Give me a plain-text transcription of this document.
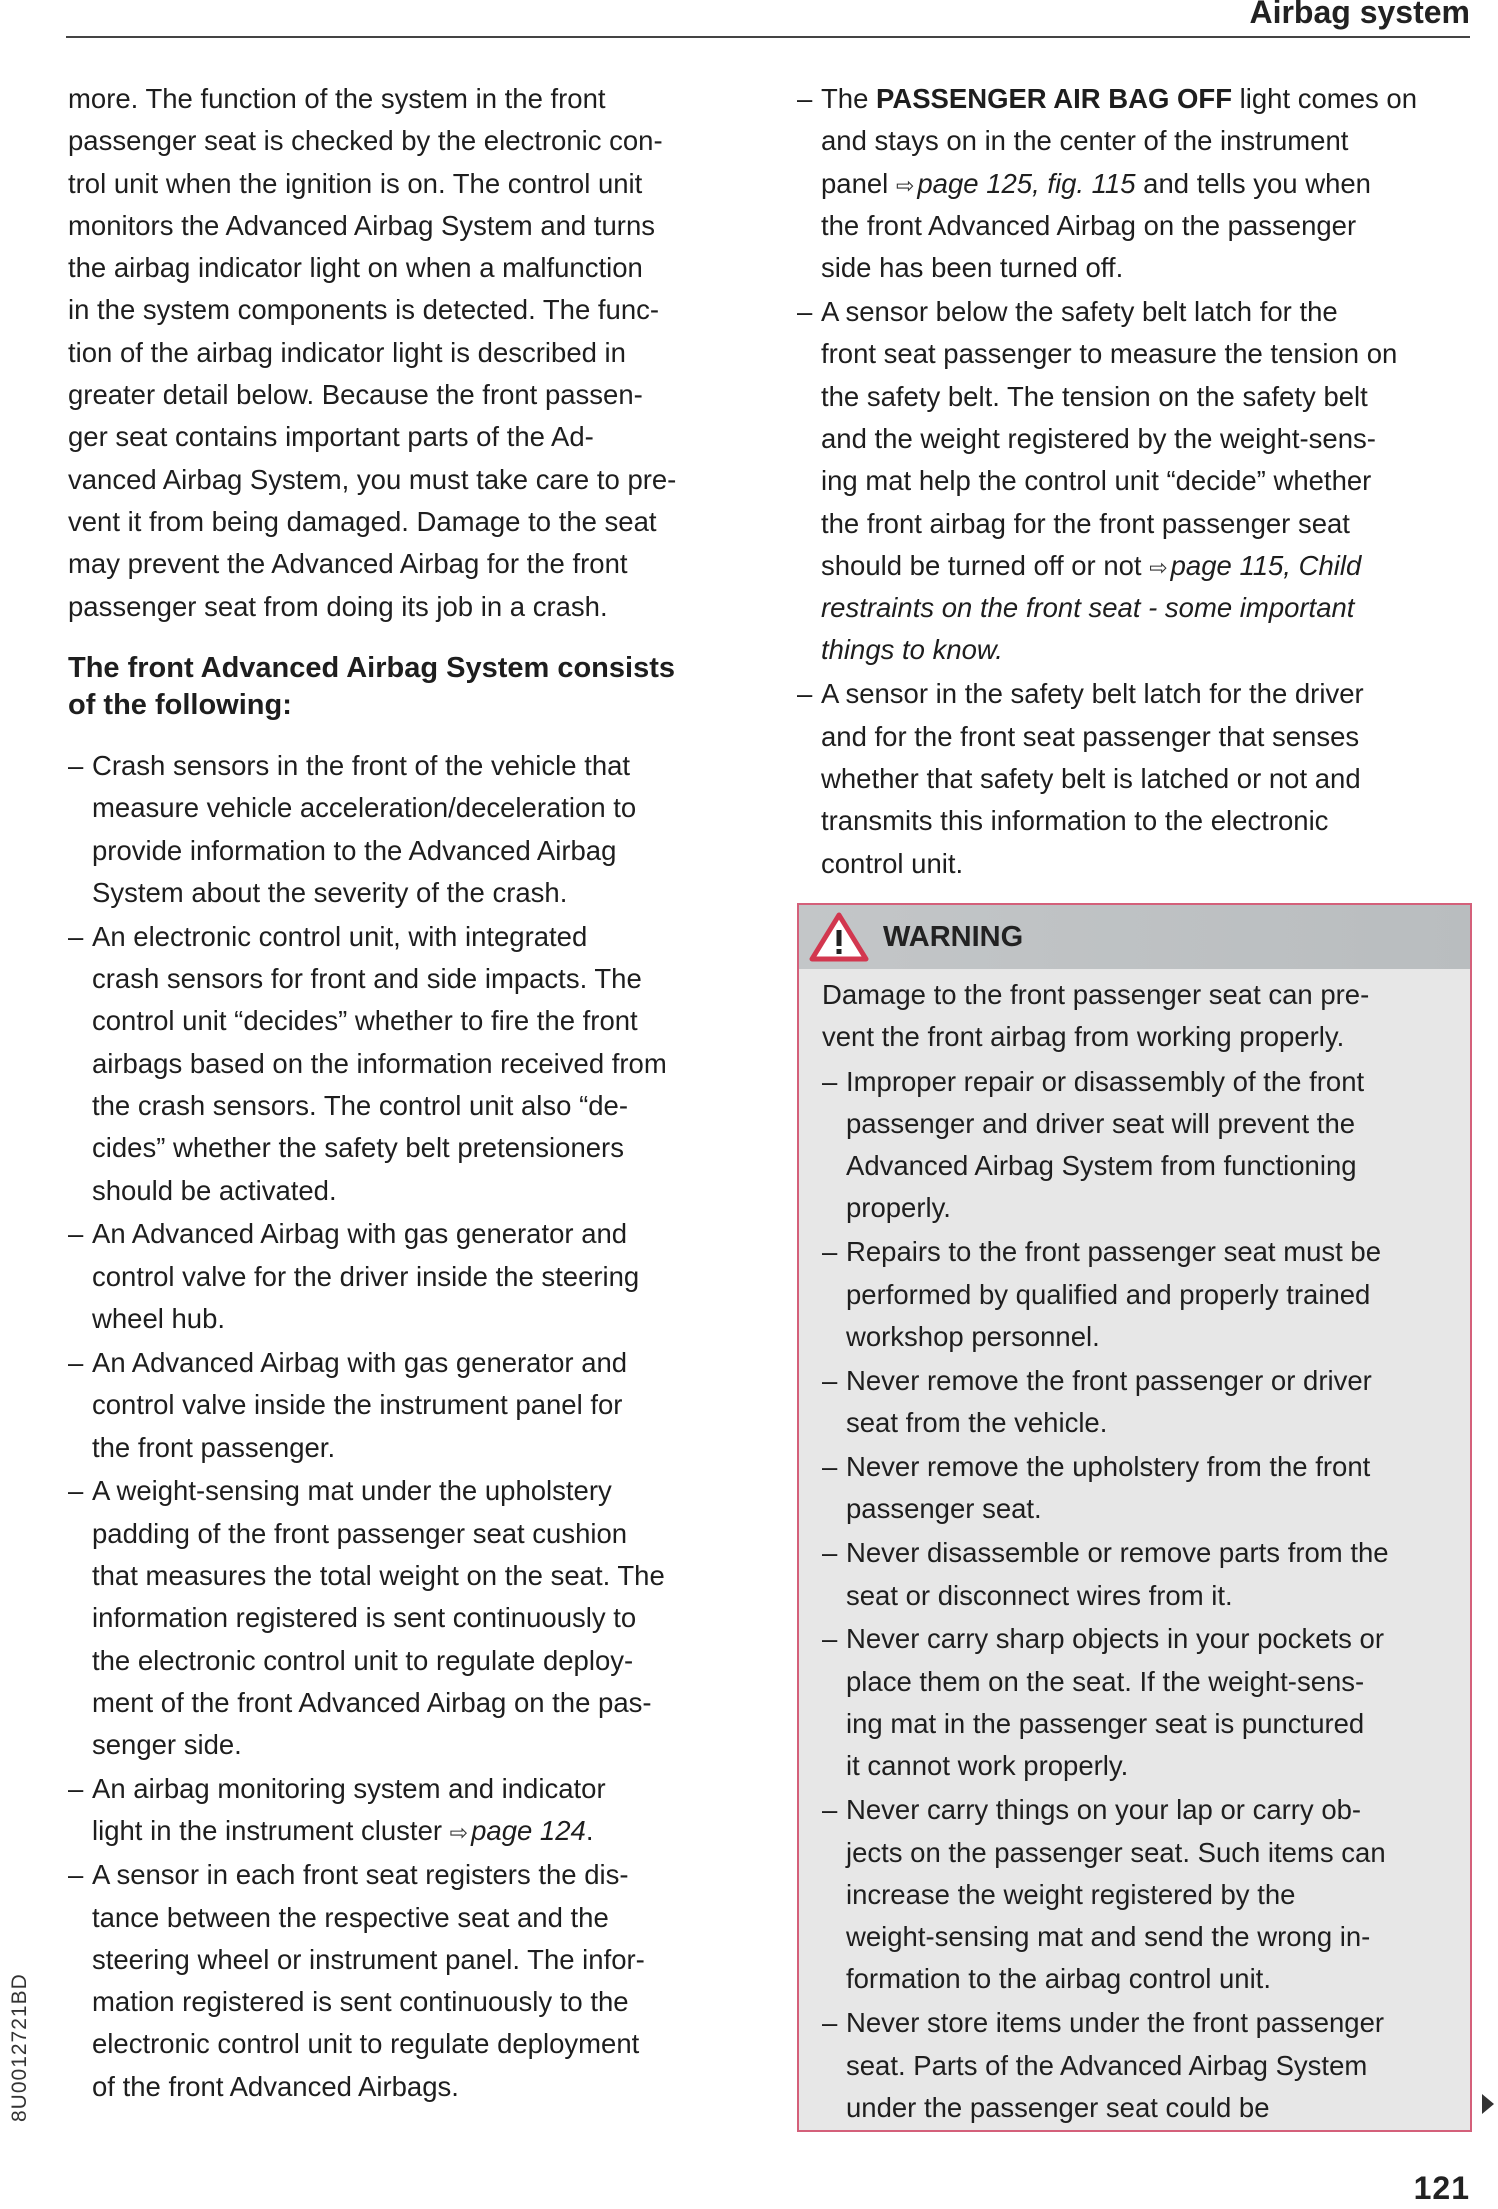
Airbag system
more. The function of the system in the front
passenger seat is checked by the electronic con-
trol unit when the ignition is on. The control unit
monitors the Advanced Airbag System and turns
the airbag indicator light on when a malfunction
in the system components is detected. The func-
tion of the airbag indicator light is described in
greater detail below. Because the front passen-
ger seat contains important parts of the Ad-
vanced Airbag System, you must take care to pre-
vent it from being damaged. Damage to the seat
may prevent the Advanced Airbag for the front
passenger seat from doing its job in a crash.
The front Advanced Airbag System consists
of the following:
– Crash sensors in the front of the vehicle that
measure vehicle acceleration/deceleration to
provide information to the Advanced Airbag
System about the severity of the crash.
– An electronic control unit, with integrated
crash sensors for front and side impacts. The
control unit “decides” whether to fire the front
airbags based on the information received from
the crash sensors. The control unit also “de-
cides” whether the safety belt pretensioners
should be activated.
– An Advanced Airbag with gas generator and
control valve for the driver inside the steering
wheel hub.
– An Advanced Airbag with gas generator and
control valve inside the instrument panel for
the front passenger.
– A weight-sensing mat under the upholstery
padding of the front passenger seat cushion
that measures the total weight on the seat. The
information registered is sent continuously to
the electronic control unit to regulate deploy-
ment of the front Advanced Airbag on the pas-
senger side.
– An airbag monitoring system and indicator
light in the instrument cluster ⇨ page 124.
– A sensor in each front seat registers the dis-
tance between the respective seat and the
steering wheel or instrument panel. The infor-
mation registered is sent continuously to the
electronic control unit to regulate deployment
of the front Advanced Airbags.
– The PASSENGER AIR BAG OFF light comes on
and stays on in the center of the instrument
panel ⇨ page 125, fig. 115 and tells you when
the front Advanced Airbag on the passenger
side has been turned off.
– A sensor below the safety belt latch for the
front seat passenger to measure the tension on
the safety belt. The tension on the safety belt
and the weight registered by the weight-sens-
ing mat help the control unit “decide” whether
the front airbag for the front passenger seat
should be turned off or not ⇨ page 115, Child
restraints on the front seat - some important
things to know.
– A sensor in the safety belt latch for the driver
and for the front seat passenger that senses
whether that safety belt is latched or not and
transmits this information to the electronic
control unit.
WARNING
Damage to the front passenger seat can pre-
vent the front airbag from working properly.
– Improper repair or disassembly of the front
passenger and driver seat will prevent the
Advanced Airbag System from functioning
properly.
– Repairs to the front passenger seat must be
performed by qualified and properly trained
workshop personnel.
– Never remove the front passenger or driver
seat from the vehicle.
– Never remove the upholstery from the front
passenger seat.
– Never disassemble or remove parts from the
seat or disconnect wires from it.
– Never carry sharp objects in your pockets or
place them on the seat. If the weight-sens-
ing mat in the passenger seat is punctured
it cannot work properly.
– Never carry things on your lap or carry ob-
jects on the passenger seat. Such items can
increase the weight registered by the
weight-sensing mat and send the wrong in-
formation to the airbag control unit.
– Never store items under the front passenger
seat. Parts of the Advanced Airbag System
under the passenger seat could be
8U0012721BD
121
